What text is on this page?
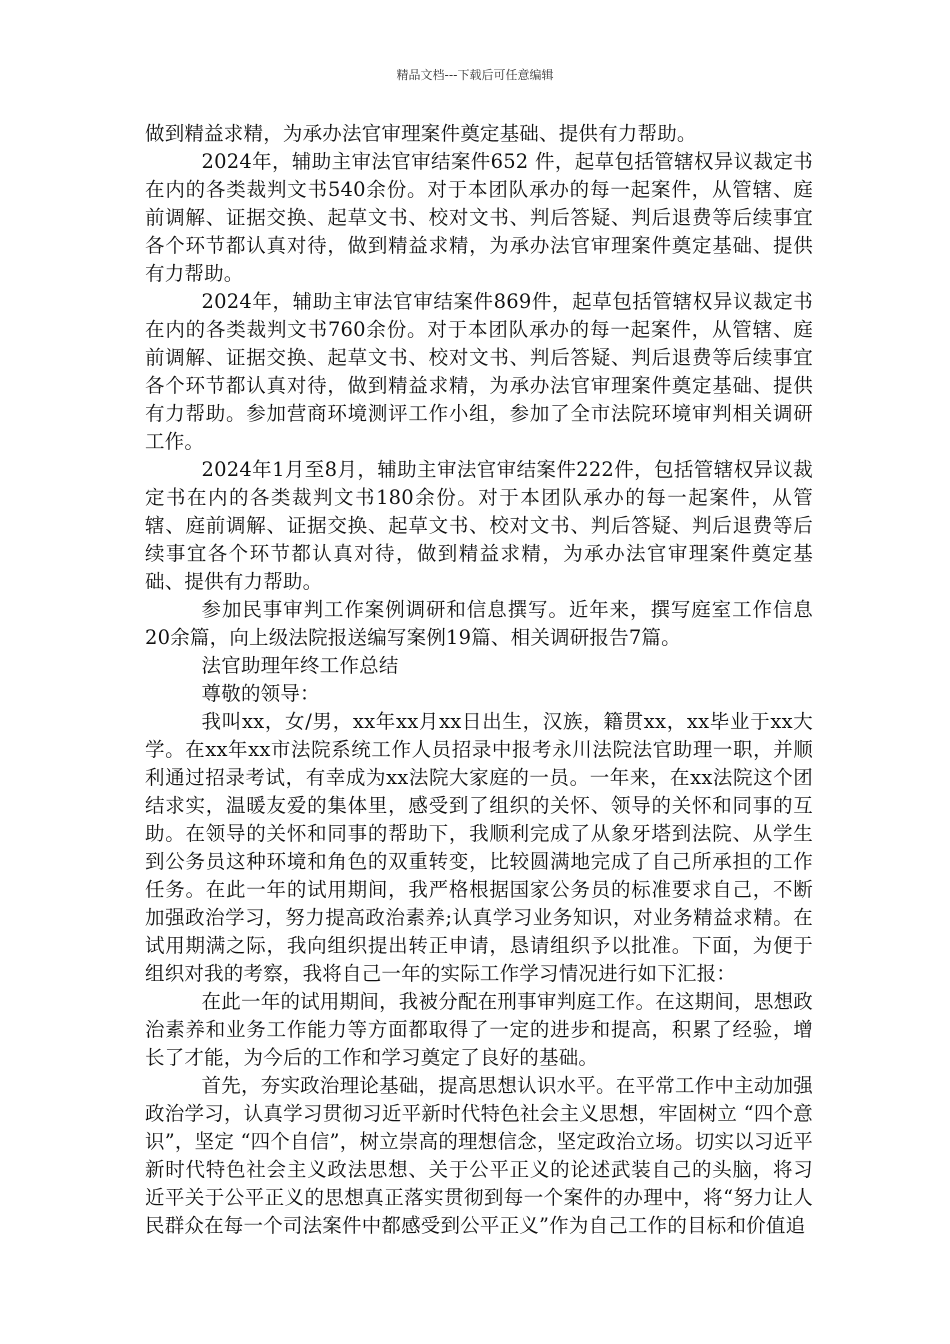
精品文档---下载后可任意编辑

做到精益求精，为承办法官审理案件奠定基础、提供有力帮助。

2024年，辅助主审法官审结案件652 件，起草包括管辖权异议裁定书在内的各类裁判文书540余份。对于本团队承办的每一起案件，从管辖、庭前调解、证据交换、起草文书、校对文书、判后答疑、判后退费等后续事宜各个环节都认真对待，做到精益求精，为承办法官审理案件奠定基础、提供有力帮助。

2024年，辅助主审法官审结案件869件，起草包括管辖权异议裁定书在内的各类裁判文书760余份。对于本团队承办的每一起案件，从管辖、庭前调解、证据交换、起草文书、校对文书、判后答疑、判后退费等后续事宜各个环节都认真对待，做到精益求精，为承办法官审理案件奠定基础、提供有力帮助。参加营商环境测评工作小组，参加了全市法院环境审判相关调研工作。

2024年1月至8月，辅助主审法官审结案件222件，包括管辖权异议裁定书在内的各类裁判文书180余份。对于本团队承办的每一起案件，从管辖、庭前调解、证据交换、起草文书、校对文书、判后答疑、判后退费等后续事宜各个环节都认真对待，做到精益求精，为承办法官审理案件奠定基础、提供有力帮助。

参加民事审判工作案例调研和信息撰写。近年来，撰写庭室工作信息20余篇，向上级法院报送编写案例19篇、相关调研报告7篇。

法官助理年终工作总结

尊敬的领导：

我叫xx，女/男，xx年xx月xx日出生，汉族，籍贯xx，xx毕业于xx大学。在xx年xx市法院系统工作人员招录中报考永川法院法官助理一职，并顺利通过招录考试，有幸成为xx法院大家庭的一员。一年来，在xx法院这个团结求实，温暖友爱的集体里，感受到了组织的关怀、领导的关怀和同事的互助。在领导的关怀和同事的帮助下，我顺利完成了从象牙塔到法院、从学生到公务员这种环境和角色的双重转变，比较圆满地完成了自己所承担的工作任务。在此一年的试用期间，我严格根据国家公务员的标准要求自己，不断加强政治学习，努力提高政治素养;认真学习业务知识，对业务精益求精。在试用期满之际，我向组织提出转正申请，恳请组织予以批准。下面，为便于组织对我的考察，我将自己一年的实际工作学习情况进行如下汇报：

在此一年的试用期间，我被分配在刑事审判庭工作。在这期间，思想政治素养和业务工作能力等方面都取得了一定的进步和提高，积累了经验，增长了才能，为今后的工作和学习奠定了良好的基础。

首先，夯实政治理论基础，提高思想认识水平。在平常工作中主动加强政治学习，认真学习贯彻习近平新时代特色社会主义思想，牢固树立 “四个意识”，坚定 “四个自信”，树立崇高的理想信念，坚定政治立场。切实以习近平新时代特色社会主义政法思想、关于公平正义的论述武装自己的头脑，将习近平关于公平正义的思想真正落实贯彻到每一个案件的办理中，将“努力让人民群众在每一个司法案件中都感受到公平正义”作为自己工作的目标和价值追
